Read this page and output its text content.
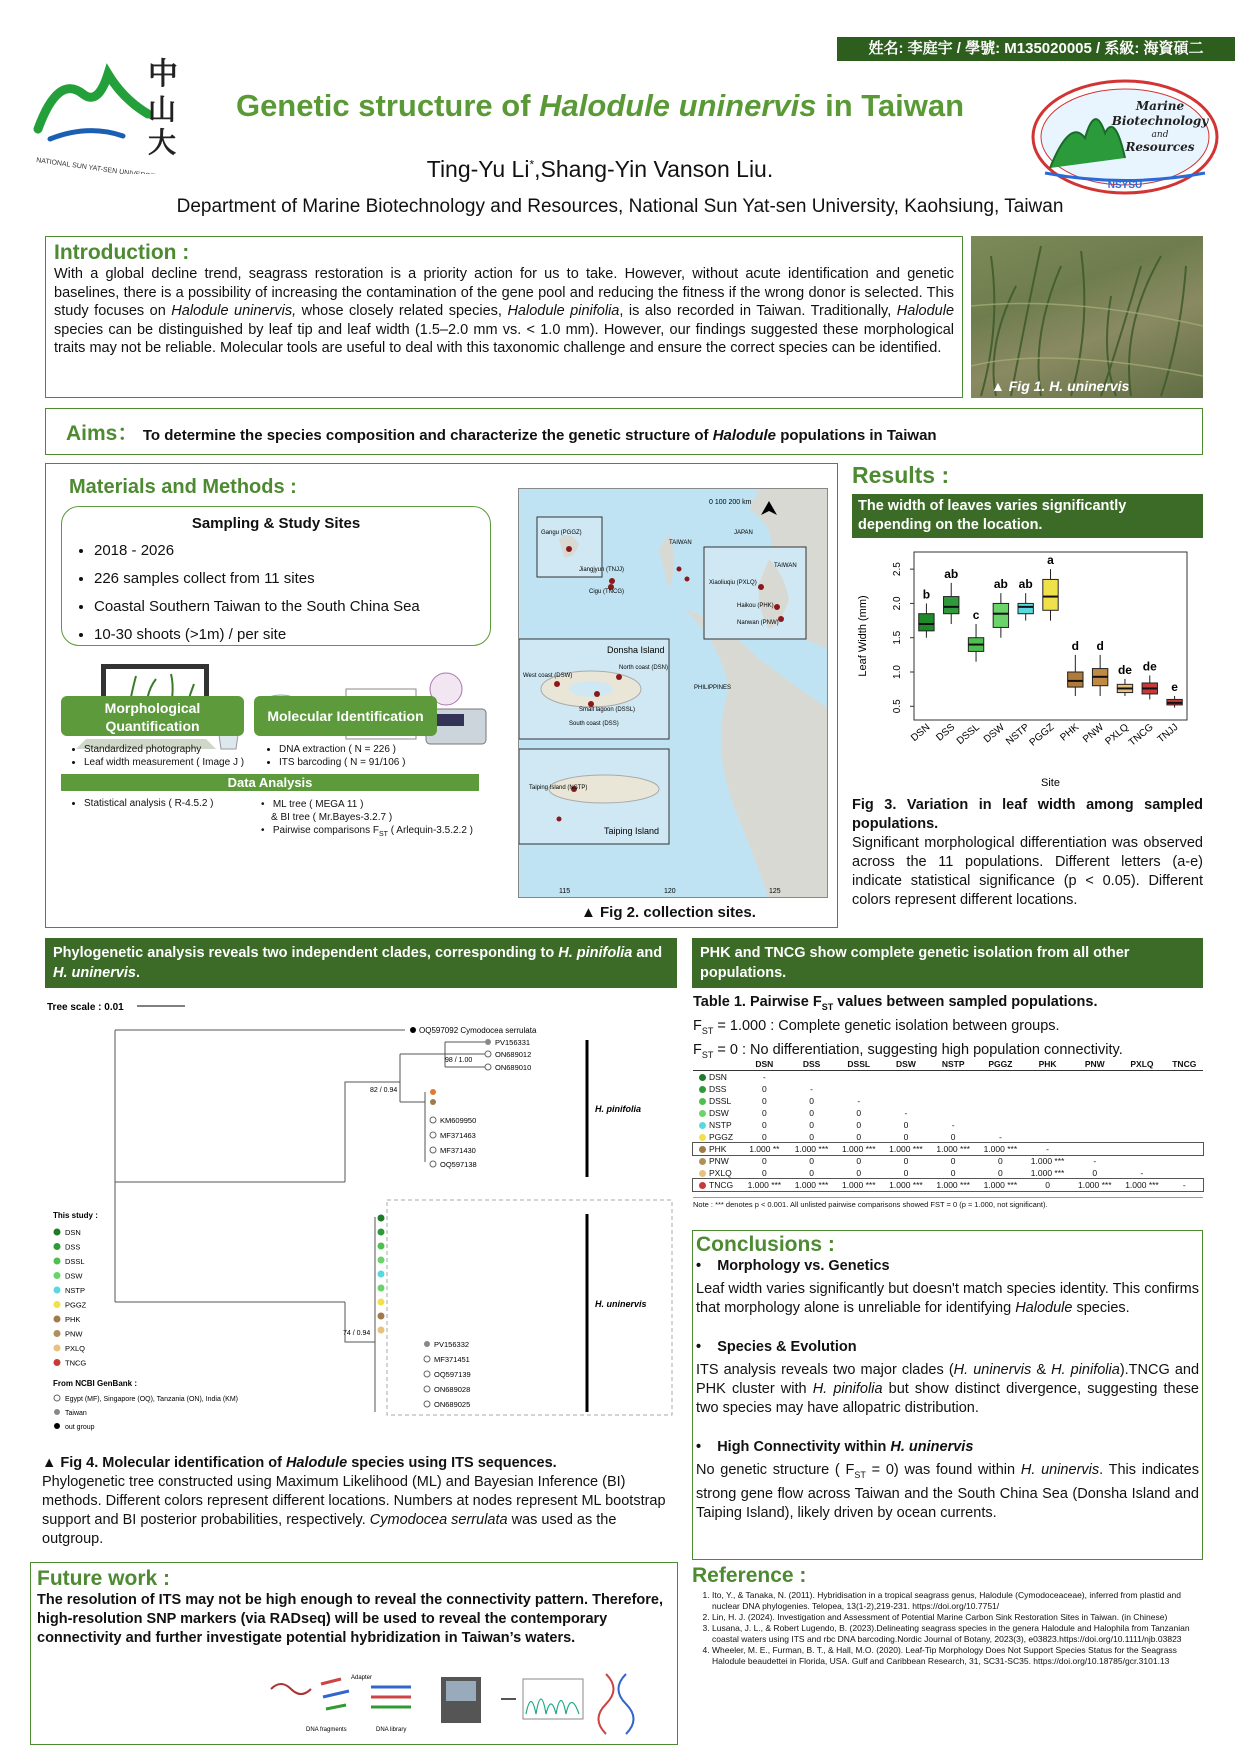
姓名: 李庭宇 / 學號: M135020005 / 系級: 海資碩二
中
山
大
NATIONAL SUN YAT-SEN UNIVERSITY
Genetic structure of Halodule uninervis in Taiwan
Ting-Yu Li*,Shang-Yin Vanson Liu.
Department of Marine Biotechnology and Resources, National Sun Yat-sen University, Kaohsiung, Taiwan
Marine
Biotechnology
and
Resources
NSYSU
Introduction :
With a global decline trend, seagrass restoration is a priority action for us to take. However, without acute identification and genetic baselines, there is a possibility of increasing the contamination of the gene pool and reducing the fitness if the wrong donor is selected. This study focuses on Halodule uninervis, whose closely related species, Halodule pinifolia, is also recorded in Taiwan. Traditionally, Halodule species can be distinguished by leaf tip and leaf width (1.5–2.0 mm vs. < 1.0 mm). However, our findings suggested these morphological traits may not be reliable. Molecular tools are useful to deal with this taxonomic challenge and ensure the correct species can be identified.
▲ Fig 1. H. uninervis
Aims： To determine the species composition and characterize the genetic structure of Halodule populations in Taiwan
Materials and Methods :
Sampling & Study Sites
• 2018 - 2026
• 226 samples collect from 11 sites
• Coastal Southern Taiwan to the South China Sea
• 10-30 shoots (>1m) / per site
Morphological Quantification
Molecular Identification
• Standardized photography
• Leaf width measurement ( Image J )
• DNA extraction ( N = 226 )
• ITS barcoding ( N = 91/106 )
Data Analysis
• Statistical analysis ( R-4.5.2 )	•   ML tree ( MEGA 11 )
& BI tree ( Mr.Bayes-3.2.7 )
•   Pairwise comparisons $F_{ST}$ ( Arlequin-3.5.2.2 )
0 100 200 km
Gangu (PGGZ)
Jiangjyun (TNJJ)
Cigu (TNCG)
TAIWAN
JAPAN
TAIWAN
Xiaoliuqiu (PXLQ)
Haikou (PHK)
Nanwan (PNW)
Donsha Island
West coast (DSW)
North coast (DSN)
Small lagoon (DSSL)
South coast (DSS)
PHILIPPINES
Taiping Island (NSTP)
Taiping Island
115	120	125
▲ Fig 2. collection sites.
Results :
The width of leaves varies significantly depending on the location.
Leaf Width (mm)
0.5
1.0
1.5
2.0
2.5
b
DSN
ab
DSS
c
DSSL
ab
DSW
ab
NSTP
a
PGGZ
d
PHK
d
PNW
de
PXLQ
de
TNCG
e
TNJJ
Site
Fig 3. Variation in leaf width among sampled populations.
Significant morphological differentiation was observed across the 11 populations. Different letters (a-e) indicate statistical significance (p < 0.05). Different colors represent different locations.
Phylogenetic analysis reveals two independent clades, corresponding to H. pinifolia and H. uninervis.
Tree scale : 0.01
OQ597092 Cymodocea serrulata
98 / 1.00
82 / 0.94
74 / 0.94
H. pinifolia
H. uninervis
PV156331
ON689012
ON689010
KM609950
MF371463
MF371430
OQ597138
PV156332
MF371451
OQ597139
ON689028
ON689025
This study :
DSN
DSS
DSSL
DSW
NSTP
PGGZ
PHK
PNW
PXLQ
TNCG
From NCBI GenBank :
Egypt (MF), Singapore (OQ), Tanzania (ON), India (KM)
Taiwan
out group
▲ Fig 4. Molecular identification of Halodule species using ITS sequences.
Phylogenetic tree constructed using Maximum Likelihood (ML) and Bayesian Inference (BI) methods. Different colors represent different locations. Numbers at nodes represent ML bootstrap support and BI posterior probabilities, respectively. Cymodocea serrulata was used as the outgroup.
PHK and TNCG show complete genetic isolation from all other populations.
Table 1. Pairwise $F_{ST}$ values between sampled populations.
$F_{ST} = 1.000$ : Complete genetic isolation between groups.
$F_{ST} = 0$ : No differentiation, suggesting high population connectivity.
	DSN	DSS	DSSL	DSW	NSTP	PGGZ	PHK	PNW	PXLQ	TNCG
DSN	-									
DSS	0	-								
DSSL	0	0	-							
DSW	0	0	0	-						
NSTP	0	0	0	0	-					
PGGZ	0	0	0	0	0	-				
PHK	1.000 **	1.000 ***	1.000 ***	1.000 ***	1.000 ***	1.000 ***	-			
PNW	0	0	0	0	0	0	1.000 ***	-		
PXLQ	0	0	0	0	0	0	1.000 ***	0	-	
TNCG	1.000 ***	1.000 ***	1.000 ***	1.000 ***	1.000 ***	1.000 ***	0	1.000 ***	1.000 ***	-
Note : *** denotes p < 0.001. All unlisted pairwise comparisons showed FST = 0 (p ≈ 1.000, not significant).
Conclusions :
•    Morphology vs. Genetics
Leaf width varies significantly but doesn't match species identity. This confirms that morphology alone is unreliable for identifying Halodule species.
•    Species & Evolution
ITS analysis reveals two major clades (H. uninervis & H. pinifolia).TNCG and PHK cluster with H. pinifolia but show distinct divergence, suggesting these two species may have allopatric distribution.
•    High Connectivity within H. uninervis
No genetic structure ( $F_{ST} = 0$) was found within H. uninervis. This indicates strong gene flow across Taiwan and the South China Sea (Donsha Island and Taiping Island), likely driven by ocean currents.
Future work :
The resolution of ITS may not be high enough to reveal the connectivity pattern. Therefore, high-resolution SNP markers (via RADseq) will be used to reveal the contemporary connectivity and further investigate potential hybridization in Taiwan’s waters.
Adapter
DNA fragments	DNA library
Reference :
1. Ito, Y., & Tanaka, N. (2011). Hybridisation in a tropical seagrass genus, Halodule (Cymodoceaceae), inferred from plastid and nuclear DNA phylogenies. Telopea, 13(1-2),219-231. https://doi.org/10.7751/
2. Lin, H. J. (2024). Investigation and Assessment of Potential Marine Carbon Sink Restoration Sites in Taiwan. (in Chinese)
3. Lusana, J. L., & Robert Lugendo, B. (2023).Delineating seagrass species in the genera Halodule and Halophila from Tanzanian coastal waters using ITS and rbc DNA barcoding.Nordic Journal of Botany, 2023(3), e03823.https://doi.org/10.1111/njb.03823
4. Wheeler, M. E., Furman, B. T., & Hall, M.O. (2020). Leaf-Tip Morphology Does Not Support Species Status for the Seagrass Halodule beaudettei in Florida, USA. Gulf and Caribbean Research, 31, SC31-SC35. https://doi.org/10.18785/gcr.3101.13
